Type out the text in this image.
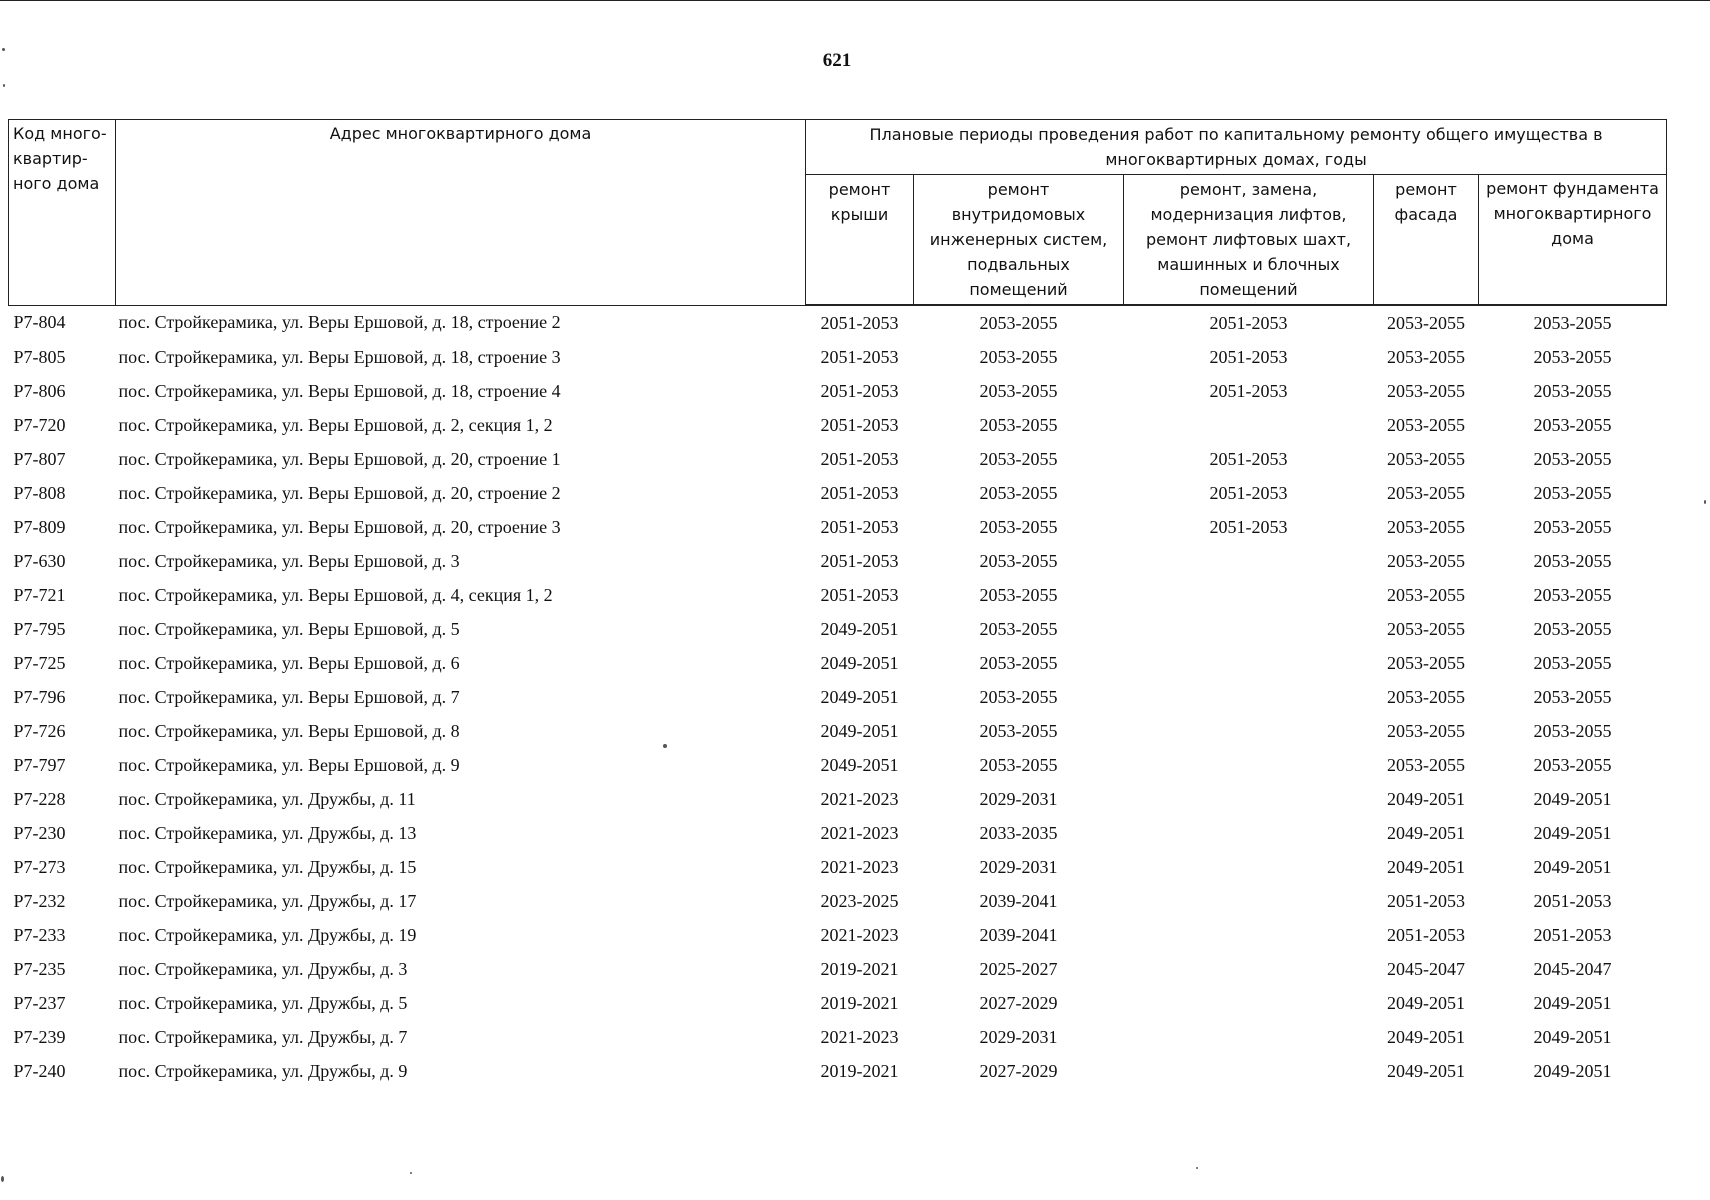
621
Код много-квартир-ного дома	Адрес многоквартирного дома	Плановые периоды проведения работ по капитальному ремонту общего имущества в многоквартирных домах, годы				
		ремонт крыши	ремонт внутридомовых инженерных систем, подвальных помещений	ремонт, замена, модернизация лифтов, ремонт лифтовых шахт, машинных и блочных помещений	ремонт фасада	ремонт фундамента многоквартирного дома
Р7-804	пос. Стройкерамика, ул. Веры Ершовой, д. 18, строение 2	2051-2053	2053-2055	2051-2053	2053-2055	2053-2055
Р7-805	пос. Стройкерамика, ул. Веры Ершовой, д. 18, строение 3	2051-2053	2053-2055	2051-2053	2053-2055	2053-2055
Р7-806	пос. Стройкерамика, ул. Веры Ершовой, д. 18, строение 4	2051-2053	2053-2055	2051-2053	2053-2055	2053-2055
Р7-720	пос. Стройкерамика, ул. Веры Ершовой, д. 2, секция 1, 2	2051-2053	2053-2055		2053-2055	2053-2055
Р7-807	пос. Стройкерамика, ул. Веры Ершовой, д. 20, строение 1	2051-2053	2053-2055	2051-2053	2053-2055	2053-2055
Р7-808	пос. Стройкерамика, ул. Веры Ершовой, д. 20, строение 2	2051-2053	2053-2055	2051-2053	2053-2055	2053-2055
Р7-809	пос. Стройкерамика, ул. Веры Ершовой, д. 20, строение 3	2051-2053	2053-2055	2051-2053	2053-2055	2053-2055
Р7-630	пос. Стройкерамика, ул. Веры Ершовой, д. 3	2051-2053	2053-2055		2053-2055	2053-2055
Р7-721	пос. Стройкерамика, ул. Веры Ершовой, д. 4, секция 1, 2	2051-2053	2053-2055		2053-2055	2053-2055
Р7-795	пос. Стройкерамика, ул. Веры Ершовой, д. 5	2049-2051	2053-2055		2053-2055	2053-2055
Р7-725	пос. Стройкерамика, ул. Веры Ершовой, д. 6	2049-2051	2053-2055		2053-2055	2053-2055
Р7-796	пос. Стройкерамика, ул. Веры Ершовой, д. 7	2049-2051	2053-2055		2053-2055	2053-2055
Р7-726	пос. Стройкерамика, ул. Веры Ершовой, д. 8	2049-2051	2053-2055		2053-2055	2053-2055
Р7-797	пос. Стройкерамика, ул. Веры Ершовой, д. 9	2049-2051	2053-2055		2053-2055	2053-2055
Р7-228	пос. Стройкерамика, ул. Дружбы, д. 11	2021-2023	2029-2031		2049-2051	2049-2051
Р7-230	пос. Стройкерамика, ул. Дружбы, д. 13	2021-2023	2033-2035		2049-2051	2049-2051
Р7-273	пос. Стройкерамика, ул. Дружбы, д. 15	2021-2023	2029-2031		2049-2051	2049-2051
Р7-232	пос. Стройкерамика, ул. Дружбы, д. 17	2023-2025	2039-2041		2051-2053	2051-2053
Р7-233	пос. Стройкерамика, ул. Дружбы, д. 19	2021-2023	2039-2041		2051-2053	2051-2053
Р7-235	пос. Стройкерамика, ул. Дружбы, д. 3	2019-2021	2025-2027		2045-2047	2045-2047
Р7-237	пос. Стройкерамика, ул. Дружбы, д. 5	2019-2021	2027-2029		2049-2051	2049-2051
Р7-239	пос. Стройкерамика, ул. Дружбы, д. 7	2021-2023	2029-2031		2049-2051	2049-2051
Р7-240	пос. Стройкерамика, ул. Дружбы, д. 9	2019-2021	2027-2029		2049-2051	2049-2051
